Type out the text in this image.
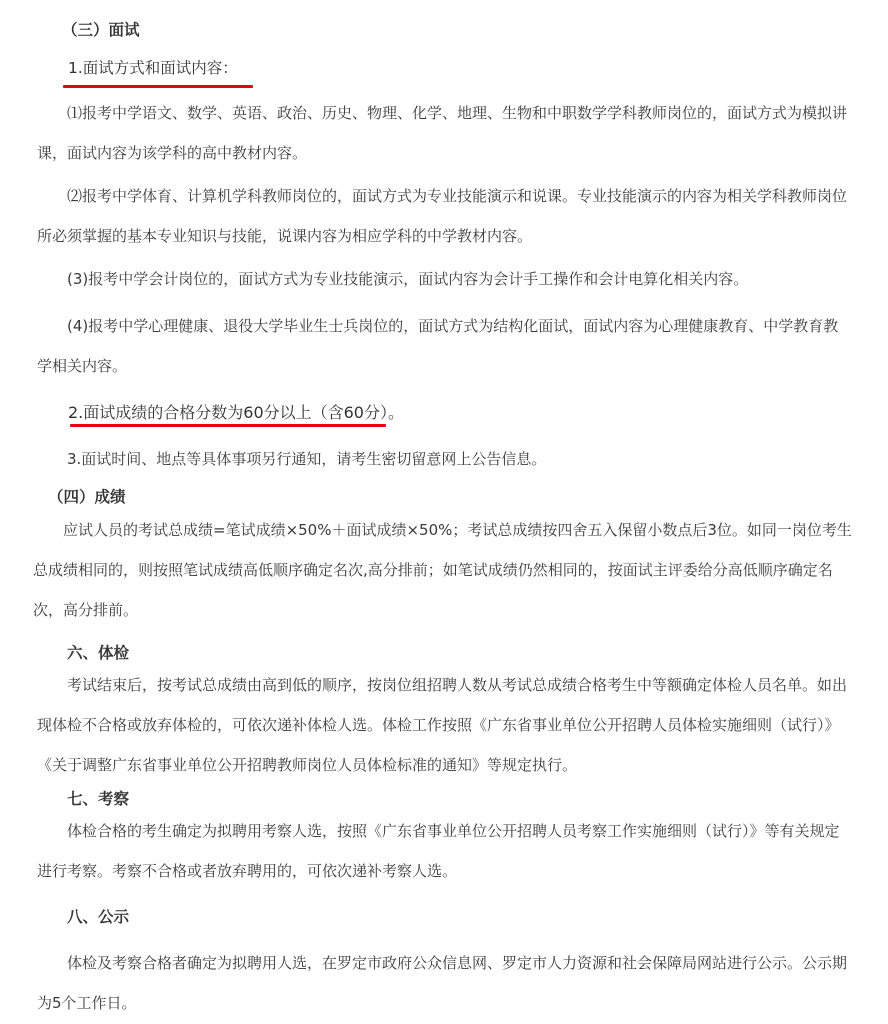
（三）面试
1.面试方式和面试内容：

⑴报考中学语文、数学、英语、政治、历史、物理、化学、地理、生物和中职数学学科教师岗位的，面试方式为模拟讲课，面试内容为该学科的高中教材内容。

⑵报考中学体育、计算机学科教师岗位的，面试方式为专业技能演示和说课。专业技能演示的内容为相关学科教师岗位所必须掌握的基本专业知识与技能，说课内容为相应学科的中学教材内容。

(3)报考中学会计岗位的，面试方式为专业技能演示，面试内容为会计手工操作和会计电算化相关内容。

(4)报考中学心理健康、退役大学毕业生士兵岗位的，面试方式为结构化面试，面试内容为心理健康教育、中学教育教学相关内容。

2.面试成绩的合格分数为60分以上（含60分）。

3.面试时间、地点等具体事项另行通知，请考生密切留意网上公告信息。

（四）成绩

应试人员的考试总成绩=笔试成绩×50%＋面试成绩×50%；考试总成绩按四舍五入保留小数点后3位。如同一岗位考生总成绩相同的，则按照笔试成绩高低顺序确定名次,高分排前；如笔试成绩仍然相同的，按面试主评委给分高低顺序确定名次，高分排前。

六、体检

考试结束后，按考试总成绩由高到低的顺序，按岗位组招聘人数从考试总成绩合格考生中等额确定体检人员名单。如出现体检不合格或放弃体检的，可依次递补体检人选。体检工作按照《广东省事业单位公开招聘人员体检实施细则（试行）》《关于调整广东省事业单位公开招聘教师岗位人员体检标准的通知》等规定执行。

七、考察

体检合格的考生确定为拟聘用考察人选，按照《广东省事业单位公开招聘人员考察工作实施细则（试行）》等有关规定进行考察。考察不合格或者放弃聘用的，可依次递补考察人选。

八、公示

体检及考察合格者确定为拟聘用人选，在罗定市政府公众信息网、罗定市人力资源和社会保障局网站进行公示。公示期为5个工作日。
